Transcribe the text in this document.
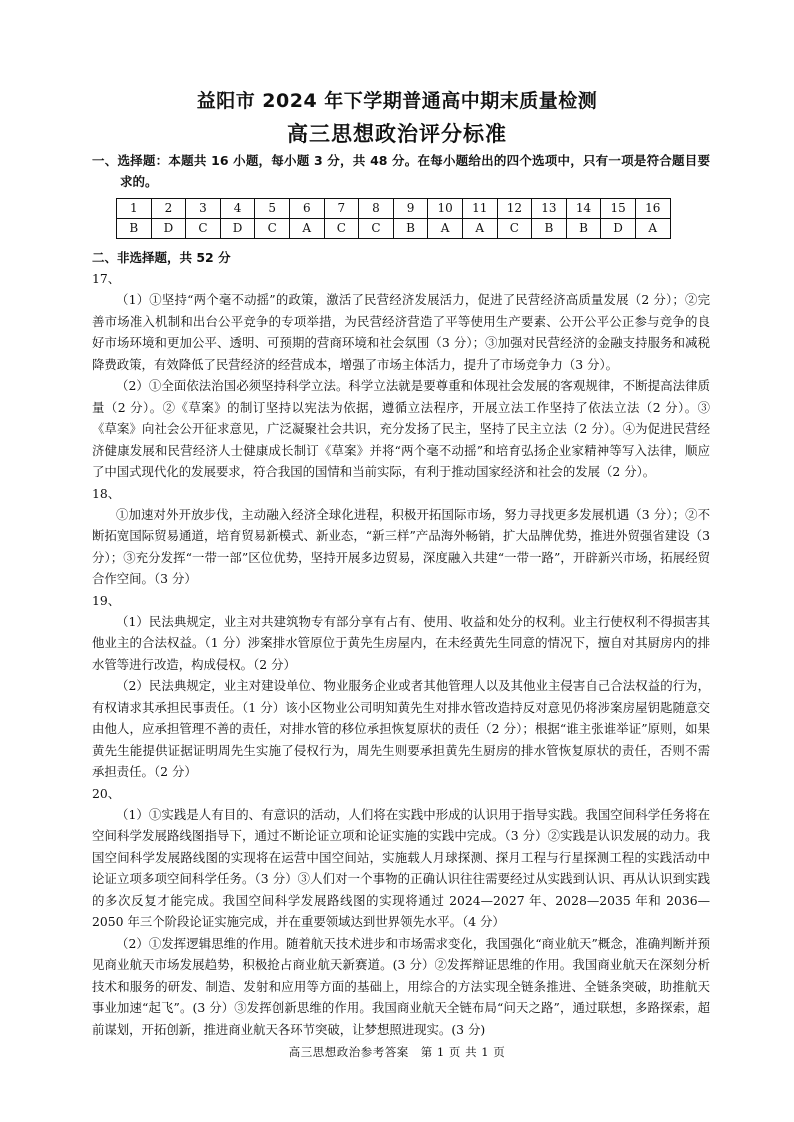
益阳市 2024 年下学期普通高中期末质量检测
高三思想政治评分标准
一、选择题：本题共 16 小题，每小题 3 分，共 48 分。在每小题给出的四个选项中，只有一项是符合题目要求的。
1	2	3	4	5	6	7	8	9	10	11	12	13	14	15	16
B	D	C	D	C	A	C	C	B	A	A	C	B	B	D	A
二、非选择题，共 52 分
17、

（1）①坚持“两个毫不动摇”的政策，激活了民营经济发展活力，促进了民营经济高质量发展（2 分）；②完善市场准入机制和出台公平竞争的专项举措，为民营经济营造了平等使用生产要素、公开公平公正参与竞争的良好市场环境和更加公平、透明、可预期的营商环境和社会氛围（3 分）；③加强对民营经济的金融支持服务和减税降费政策，有效降低了民营经济的经营成本，增强了市场主体活力，提升了市场竞争力（3 分）。

（2）①全面依法治国必须坚持科学立法。科学立法就是要尊重和体现社会发展的客观规律，不断提高法律质量（2 分）。②《草案》的制订坚持以宪法为依据，遵循立法程序，开展立法工作坚持了依法立法（2 分）。③《草案》向社会公开征求意见，广泛凝聚社会共识，充分发扬了民主，坚持了民主立法（2 分）。④为促进民营经济健康发展和民营经济人士健康成长制订《草案》并将“两个毫不动摇”和培育弘扬企业家精神等写入法律，顺应了中国式现代化的发展要求，符合我国的国情和当前实际，有利于推动国家经济和社会的发展（2 分）。

18、

①加速对外开放步伐，主动融入经济全球化进程，积极开拓国际市场，努力寻找更多发展机遇（3 分）；②不断拓宽国际贸易通道，培育贸易新模式、新业态，“新三样”产品海外畅销，扩大品牌优势，推进外贸强省建设（3 分）；③充分发挥“一带一部”区位优势，坚持开展多边贸易，深度融入共建“一带一路”，开辟新兴市场，拓展经贸合作空间。（3 分）

19、

（1）民法典规定，业主对共建筑物专有部分享有占有、使用、收益和处分的权利。业主行使权利不得损害其他业主的合法权益。（1 分）涉案排水管原位于黄先生房屋内，在未经黄先生同意的情况下，擅自对其厨房内的排水管等进行改造，构成侵权。（2 分）

（2）民法典规定，业主对建设单位、物业服务企业或者其他管理人以及其他业主侵害自己合法权益的行为，有权请求其承担民事责任。（1 分）该小区物业公司明知黄先生对排水管改造持反对意见仍将涉案房屋钥匙随意交由他人，应承担管理不善的责任，对排水管的移位承担恢复原状的责任（2 分）；根据“谁主张谁举证”原则，如果黄先生能提供证据证明周先生实施了侵权行为，周先生则要承担黄先生厨房的排水管恢复原状的责任，否则不需承担责任。（2 分）

20、

（1）①实践是人有目的、有意识的活动，人们将在实践中形成的认识用于指导实践。我国空间科学任务将在空间科学发展路线图指导下，通过不断论证立项和论证实施的实践中完成。（3 分）②实践是认识发展的动力。我国空间科学发展路线图的实现将在运营中国空间站，实施载人月球探测、探月工程与行星探测工程的实践活动中论证立项多项空间科学任务。（3 分）③人们对一个事物的正确认识往往需要经过从实践到认识、再从认识到实践的多次反复才能完成。我国空间科学发展路线图的实现将通过 2024—2027 年、2028—2035 年和 2036—2050 年三个阶段论证实施完成，并在重要领域达到世界领先水平。（4 分）

（2）①发挥逻辑思维的作用。随着航天技术进步和市场需求变化，我国强化“商业航天”概念，准确判断并预见商业航天市场发展趋势，积极抢占商业航天新赛道。(3 分）②发挥辩证思维的作用。我国商业航天在深刻分析技术和服务的研发、制造、发射和应用等方面的基础上，用综合的方法实现全链条推进、全链条突破，助推航天事业加速“起飞”。(3 分）③发挥创新思维的作用。我国商业航天全链布局“问天之路”，通过联想，多路探索，超前谋划，开拓创新，推进商业航天各环节突破，让梦想照进现实。(3 分)

高三思想政治参考答案　第 1 页 共 1 页
